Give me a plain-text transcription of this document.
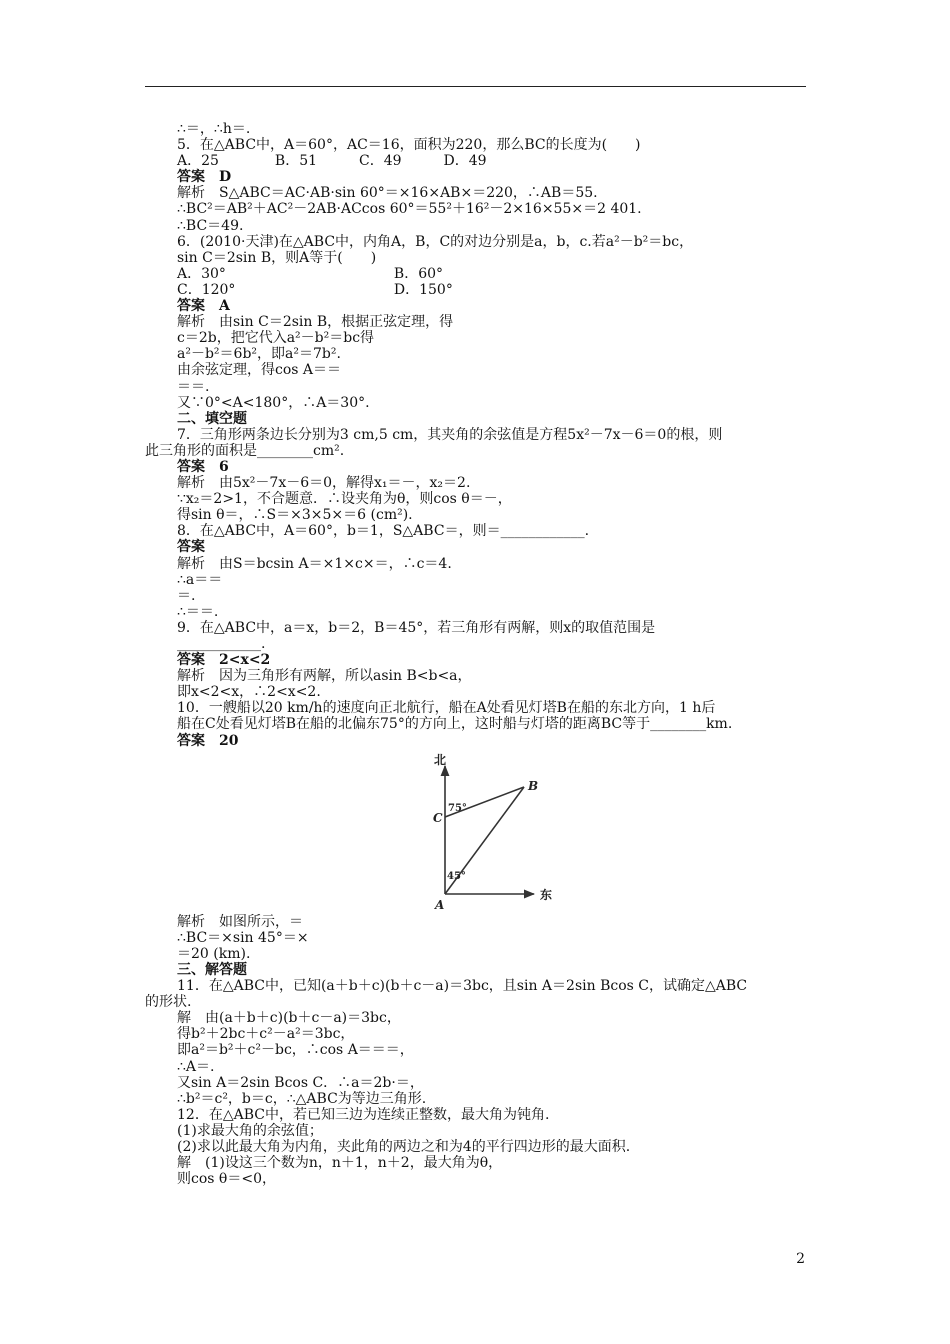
∴＝，∴h＝.
5．在△ABC中，A＝60°，AC＝16，面积为220，那么BC的长度为(　　)
A．25　　　　B．51　　　C．49　　　D．49
答案　D
解析　S△ABC＝AC·AB·sin 60°＝×16×AB×＝220，∴AB＝55.
∴BC²＝AB²＋AC²－2AB·ACcos 60°＝55²＋16²－2×16×55×＝2 401.
∴BC＝49.
6．(2010·天津)在△ABC中，内角A，B，C的对边分别是a，b，c.若a²－b²＝bc，
sin C＝2sin B，则A等于(　　)
A．30°　　　　　　　　　　　　B．60°
C．120°　　　　　　　　　　　 D．150°
答案　A
解析　由sin C＝2sin B，根据正弦定理，得
c＝2b，把它代入a²－b²＝bc得
a²－b²＝6b²，即a²＝7b².
由余弦定理，得cos A＝＝
＝＝.
又∵0°<A<180°，∴A＝30°.
二、填空题
7．三角形两条边长分别为3 cm,5 cm，其夹角的余弦值是方程5x²－7x－6＝0的根，则
此三角形的面积是________cm².
答案　6
解析　由5x²－7x－6＝0，解得x₁＝－，x₂＝2.
∵x₂＝2>1，不合题意．∴设夹角为θ，则cos θ＝－，
得sin θ＝，∴S＝×3×5×＝6 (cm²).
8．在△ABC中，A＝60°，b＝1，S△ABC＝，则＝____________.
答案
解析　由S＝bcsin A＝×1×c×＝，∴c＝4.
∴a＝＝
＝.
∴＝＝.
9．在△ABC中，a＝x，b＝2，B＝45°，若三角形有两解，则x的取值范围是
____________.
答案　2<x<2
解析　因为三角形有两解，所以asin B<b<a，
即x<2<x，∴2<x<2.
10．一艘船以20 km/h的速度向正北航行，船在A处看见灯塔B在船的东北方向，1 h后
船在C处看见灯塔B在船的北偏东75°的方向上，这时船与灯塔的距离BC等于________km.
答案　20
北
东
A
B
C
75°
45°
解析　如图所示，＝
∴BC＝×sin 45°＝×
＝20 (km).
三、解答题
11．在△ABC中，已知(a＋b＋c)(b＋c－a)＝3bc，且sin A＝2sin Bcos C，试确定△ABC
的形状.
解　由(a＋b＋c)(b＋c－a)＝3bc，
得b²＋2bc＋c²－a²＝3bc，
即a²＝b²＋c²－bc，∴cos A＝＝＝，
∴A＝.
又sin A＝2sin Bcos C．∴a＝2b·＝，
∴b²＝c²，b＝c，∴△ABC为等边三角形.
12．在△ABC中，若已知三边为连续正整数，最大角为钝角.
(1)求最大角的余弦值；
(2)求以此最大角为内角，夹此角的两边之和为4的平行四边形的最大面积.
解　(1)设这三个数为n，n＋1，n＋2，最大角为θ，
则cos θ＝<0，
2
